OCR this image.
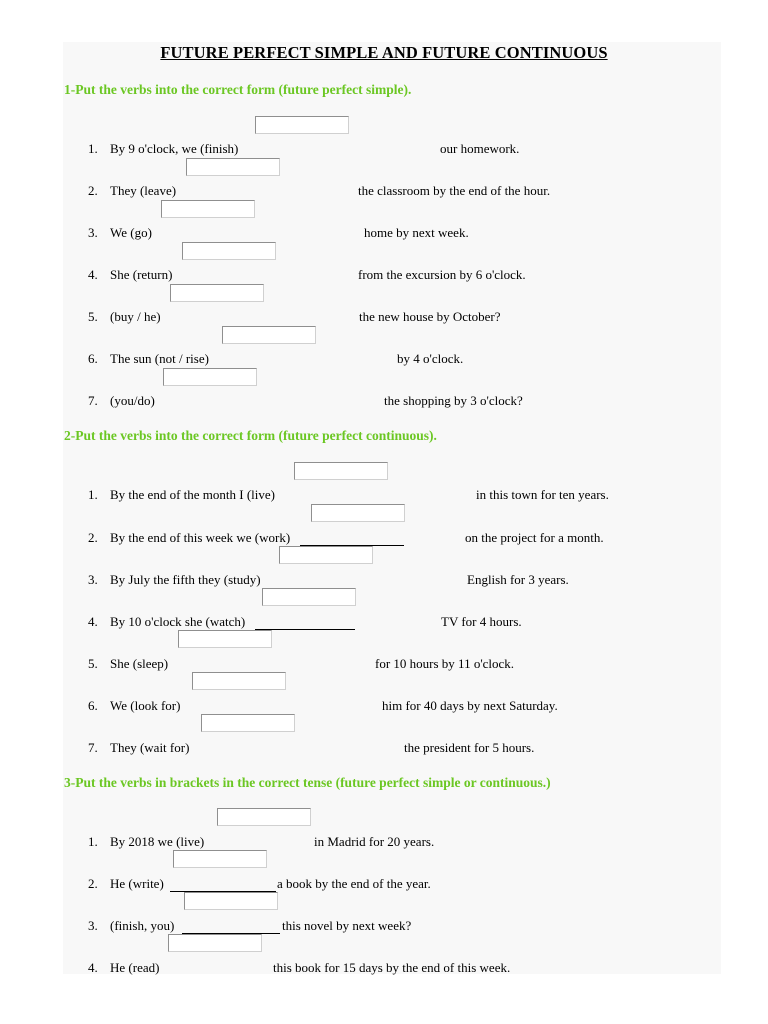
FUTURE PERFECT SIMPLE AND FUTURE CONTINUOUS
1-Put the verbs into the correct form (future perfect simple).
1. By 9 o'clock, we (finish)	our homework.
2. They (leave)	the classroom by the end of the hour.
3. We (go)	home by next week.
4. She (return)	from the excursion by 6 o'clock.
5. (buy / he)	the new house by October?
6. The sun (not / rise)	by 4 o'clock.
7. (you/do)	the shopping by 3 o'clock?
2-Put the verbs into the correct form (future perfect continuous).
1. By the end of the month I (live)	in this town for ten years.
2. By the end of this week we (work)	on the project for a month.
3. By July the fifth they (study)	English for 3 years.
4. By 10 o'clock she (watch)	TV for 4 hours.
5. She (sleep)	for 10 hours by 11 o'clock.
6. We (look for)	him for 40 days by next Saturday.
7. They (wait for)	the president for 5 hours.
3-Put the verbs in brackets in the correct tense (future perfect simple or continuous.)
1. By 2018 we (live)	in Madrid for 20 years.
2. He (write)	a book by the end of the year.
3. (finish, you)	this novel by next week?
4. He (read)	this book for 15 days by the end of this week.
